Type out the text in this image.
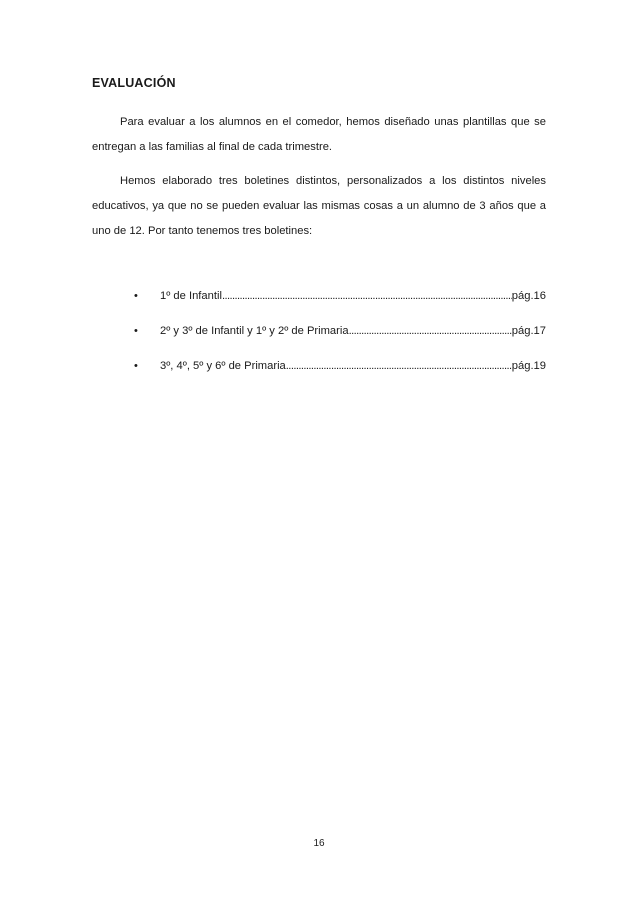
EVALUACIÓN

Para evaluar a los alumnos en el comedor, hemos diseñado unas plantillas que se entregan a las familias al final de cada trimestre.

Hemos elaborado tres boletines distintos, personalizados a los distintos niveles educativos, ya que no se pueden evaluar las mismas cosas a un alumno de 3 años que a uno de 12. Por tanto tenemos tres boletines:

•	1º de Infantil .....	pág.16
•	2º y 3º de Infantil y 1º y 2º de Primaria .....	pág.17
•	3º, 4º, 5º y 6º de Primaria .....	pág.19

16
